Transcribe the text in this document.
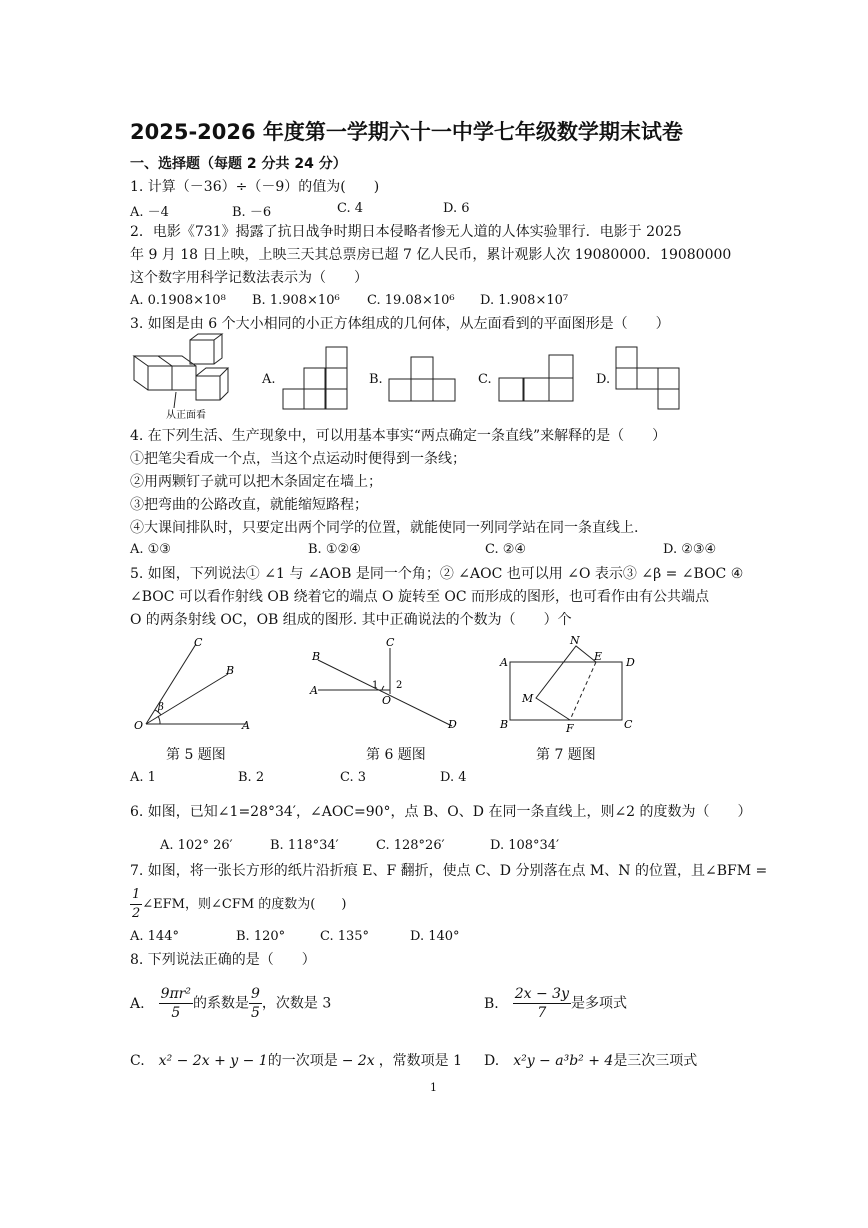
2025-2026 年度第一学期六十一中学七年级数学期末试卷
一、选择题（每题 2 分共 24 分）
1. 计算（－36）÷（－9）的值为(　　)
A. －4	B. －6	C. 4	D. 6
2．电影《731》揭露了抗日战争时期日本侵略者惨无人道的人体实验罪行．电影于 2025
年 9 月 18 日上映，上映三天其总票房已超 7 亿人民币，累计观影人次 19080000．19080000
这个数字用科学记数法表示为（　　）
A. 0.1908×10⁸ B. 1.908×10⁶ C. 19.08×10⁶ D. 1.908×10⁷
3. 如图是由 6 个大小相同的小正方体组成的几何体，从左面看到的平面图形是（　　）
从正面看
A.	B.	C.	D.
4. 在下列生活、生产现象中，可以用基本事实“两点确定一条直线”来解释的是（　　）
①把笔尖看成一个点，当这个点运动时便得到一条线；
②用两颗钉子就可以把木条固定在墙上；
③把弯曲的公路改直，就能缩短路程；
④大课间排队时，只要定出两个同学的位置，就能使同一列同学站在同一条直线上.
A. ①③	B. ①②④	C. ②④	D. ②③④
5. 如图，下列说法① ∠1 与 ∠AOB 是同一个角；② ∠AOC 也可以用 ∠O 表示③ ∠β = ∠BOC ④
∠BOC 可以看作射线 OB 绕着它的端点 O 旋转至 OC 而形成的图形，也可看作由有公共端点
O 的两条射线 OC，OB 组成的图形. 其中正确说法的个数为（　　）个
C
B
β
O	A
B
C
A	1 2
O
D
N
A	E D
M
B	F	C
第 5 题图	第 6 题图	第 7 题图
A. 1	B. 2	C. 3	D. 4
6. 如图，已知∠1=28°34′，∠AOC=90°，点 B、O、D 在同一条直线上，则∠2 的度数为（　　）
A. 102° 26′	B. 118°34′	C. 128°26′	D. 108°34′
7. 如图，将一张长方形的纸片沿折痕 E、F 翻折，使点 C、D 分别落在点 M、N 的位置，且∠BFM =
$\frac{1}{2}$ ∠EFM，则∠CFM 的度数为(　　)
A. 144°	B. 120°	C. 135°	D. 140°
8. 下列说法正确的是（　　）
A. $\frac{\text{9πr²}}{5}$ 的系数是 $\frac{9}{5}$ ，次数是 3	B. $\frac{2x - 3y}{7}$ 是多项式
C. x² − 2x + y − 1的一次项是 − 2x ，常数项是 1 D. x²y − a³b² + 4是三次三项式
1
